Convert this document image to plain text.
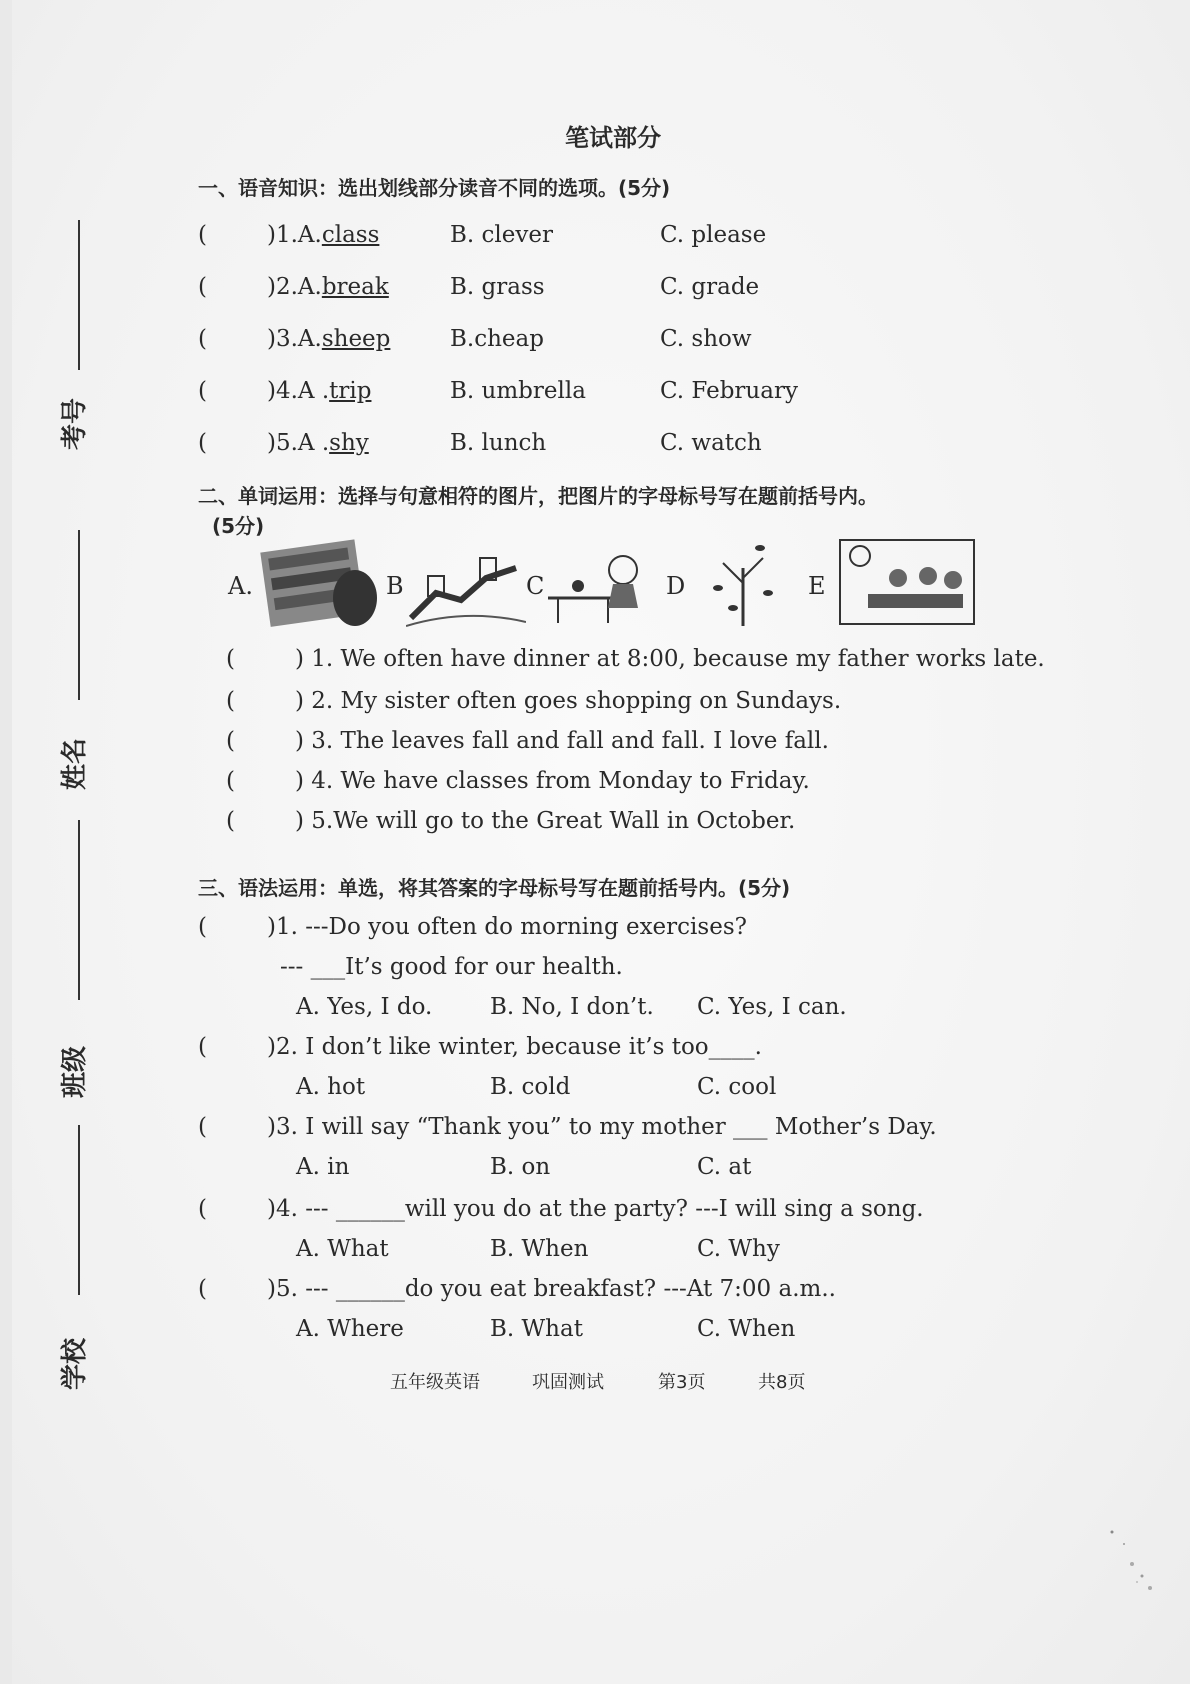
考号
姓名
班级
学校
笔试部分
一、语音知识：选出划线部分读音不同的选项。(5分)
(	)1.A.class	B. clever	C. please
(	)2.A.break	B. grass	C. grade
(	)3.A.sheep	B.cheap	C. show
(	)4.A .trip	B. umbrella	C. February
(	)5.A .shy	B. lunch	C. watch
二、单词运用：选择与句意相符的图片，把图片的字母标号写在题前括号内。
(5分)
A.	B	C	D	E
(	) 1. We often have dinner at 8:00, because my father works late.
(	) 2. My sister often goes shopping on Sundays.
(	) 3. The leaves fall and fall and fall. I love fall.
(	) 4. We have classes from Monday to Friday.
(	) 5.We will go to the Great Wall in October.
三、语法运用：单选，将其答案的字母标号写在题前括号内。(5分)
(	)1. ---Do you often do morning exercises?
--- ___It’s good for our health.
A. Yes, I do.	B. No, I don’t. C. Yes, I can.
(	)2. I don’t like winter, because it’s too____.
A. hot	B. cold	C. cool
(	)3. I will say “Thank you” to my mother ___ Mother’s Day.
A. in	B. on	C. at
(	)4. --- ______will you do at the party? ---I will sing a song.
A. What	B. When	C. Why
(	)5. --- ______do you eat breakfast? ---At 7:00 a.m..
A. Where	B. What	C. When
五年级英语	巩固测试	第3页	共8页
